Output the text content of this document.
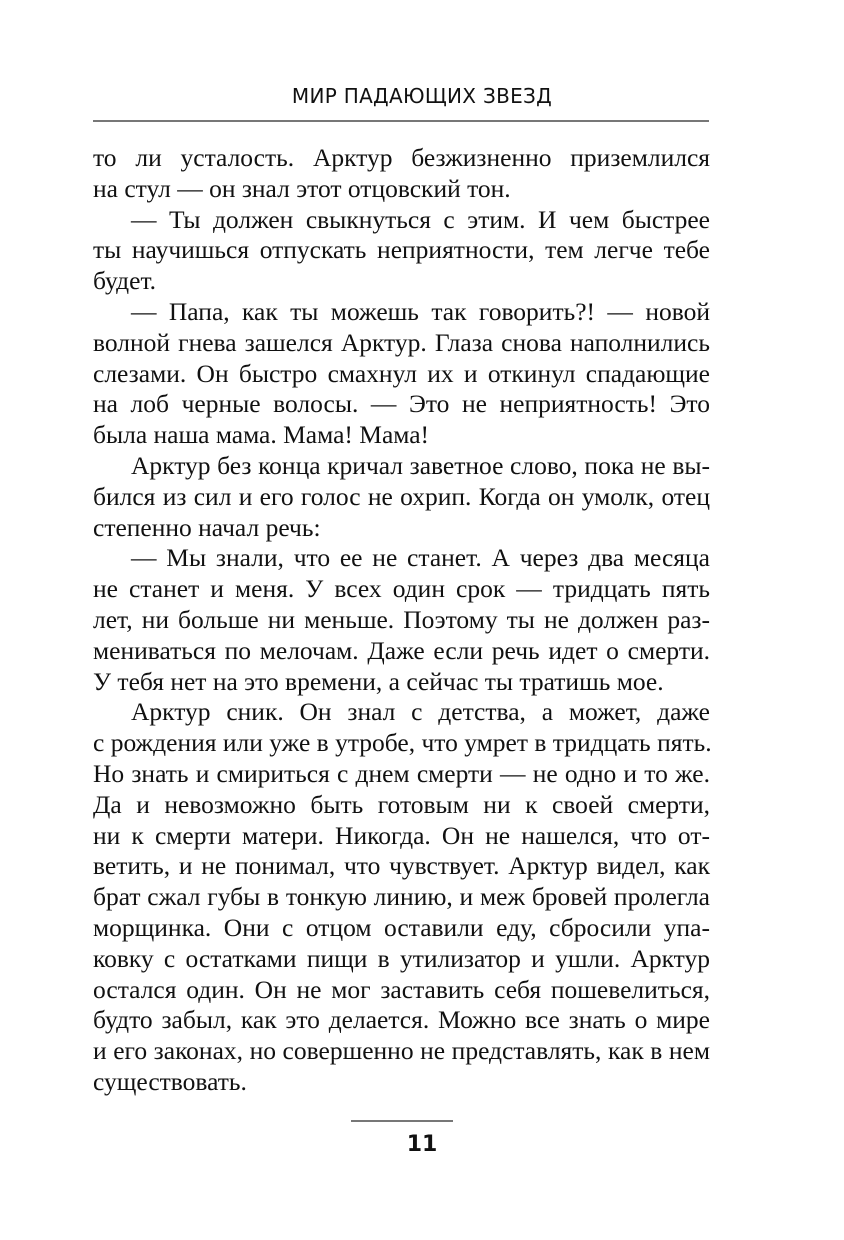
МИР ПАДАЮЩИХ ЗВЕЗД
то ли усталость. Арктур безжизненно приземлился
на стул — он знал этот отцовский тон.
— Ты должен свыкнуться с этим. И чем быстрее
ты научишься отпускать неприятности, тем легче тебе
будет.
— Папа, как ты можешь так говорить?! — новой
волной гнева зашелся Арктур. Глаза снова наполнились
слезами. Он быстро смахнул их и откинул спадающие
на лоб черные волосы. — Это не неприятность! Это
была наша мама. Мама! Мама!
Арктур без конца кричал заветное слово, пока не вы-
бился из сил и его голос не охрип. Когда он умолк, отец
степенно начал речь:
— Мы знали, что ее не станет. А через два месяца
не станет и меня. У всех один срок — тридцать пять
лет, ни больше ни меньше. Поэтому ты не должен раз-
мениваться по мелочам. Даже если речь идет о смерти.
У тебя нет на это времени, а сейчас ты тратишь мое.
Арктур сник. Он знал с детства, а может, даже
с рождения или уже в утробе, что умрет в тридцать пять.
Но знать и смириться с днем смерти — не одно и то же.
Да и невозможно быть готовым ни к своей смерти,
ни к смерти матери. Никогда. Он не нашелся, что от-
ветить, и не понимал, что чувствует. Арктур видел, как
брат сжал губы в тонкую линию, и меж бровей пролегла
морщинка. Они с отцом оставили еду, сбросили упа-
ковку с остатками пищи в утилизатор и ушли. Арктур
остался один. Он не мог заставить себя пошевелиться,
будто забыл, как это делается. Можно все знать о мире
и его законах, но совершенно не представлять, как в нем
существовать.
11
